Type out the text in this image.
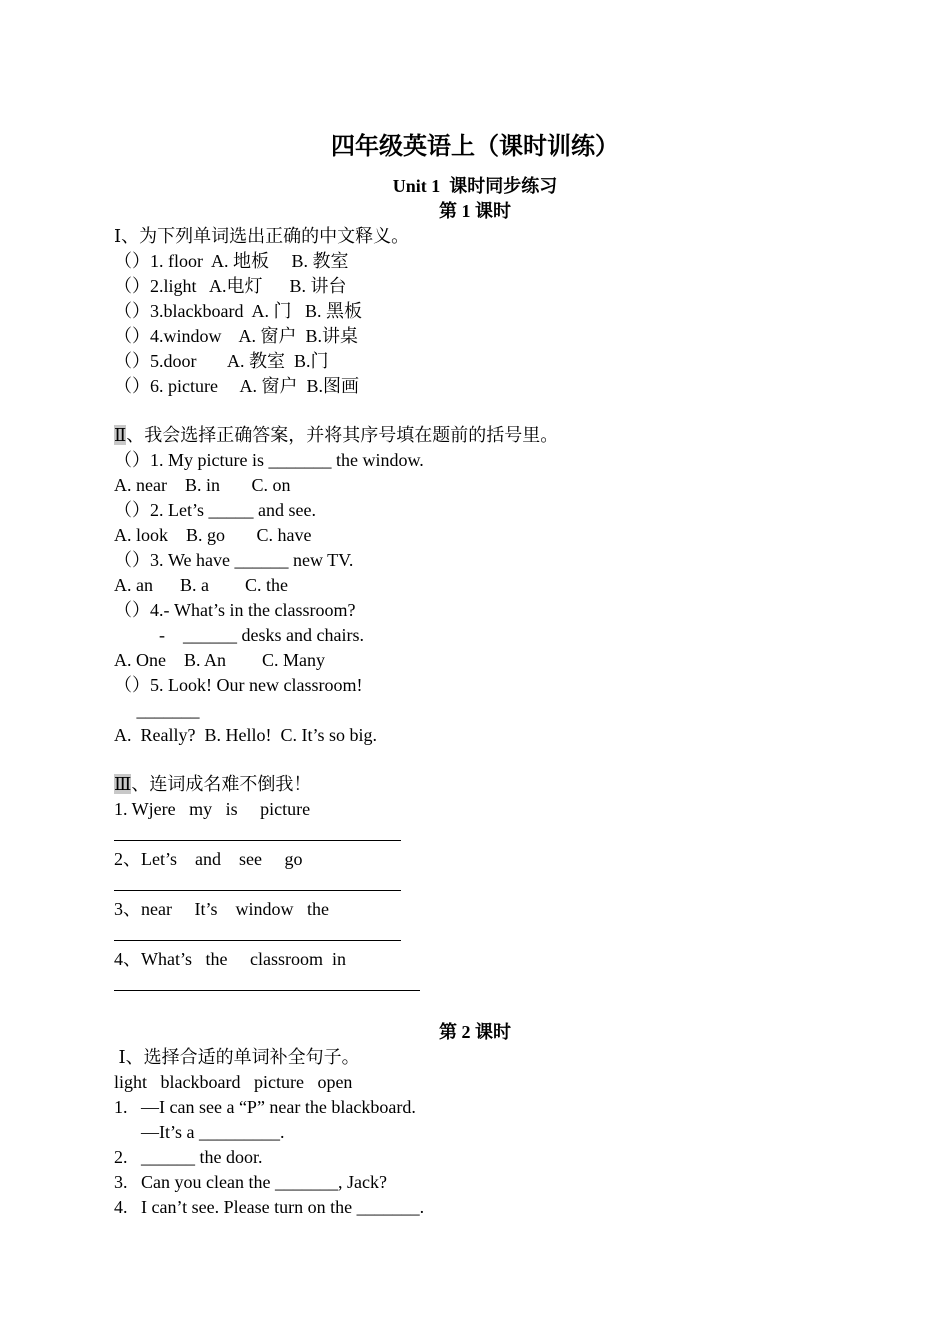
四年级英语上（课时训练）
Unit 1  课时同步练习
第 1 课时
Ⅰ、为下列单词选出正确的中文释义。
（）1. floor  A. 地板     B. 教室
（）2.light   A.电灯      B. 讲台
（）3.blackboard  A. 门   B. 黑板
（）4.window    A. 窗户  B.讲桌
（）5.door       A. 教室  B.门
（）6. picture     A. 窗户  B.图画
Ⅱ、我会选择正确答案，并将其序号填在题前的括号里。
（）1. My picture is _______ the window.
A. near    B. in       C. on
（）2. Let’s _____ and see.
A. look    B. go       C. have
（）3. We have ______ new TV.
A. an      B. a        C. the
（）4.- What’s in the classroom?
-    ______ desks and chairs.
A. One    B. An        C. Many
（）5. Look! Our new classroom!
_______
A.  Really?  B. Hello!  C. It’s so big.
Ⅲ、连词成名难不倒我！
1. Wjere   my   is     picture
2、Let’s    and    see     go
3、near     It’s    window   the
4、What’s   the     classroom  in
第 2 课时
Ⅰ、选择合适的单词补全句子。
light   blackboard   picture   open
1.   —I can see a “P” near the blackboard.
—It’s a _________.
2.   ______ the door.
3.   Can you clean the _______, Jack?
4.   I can’t see. Please turn on the _______.
